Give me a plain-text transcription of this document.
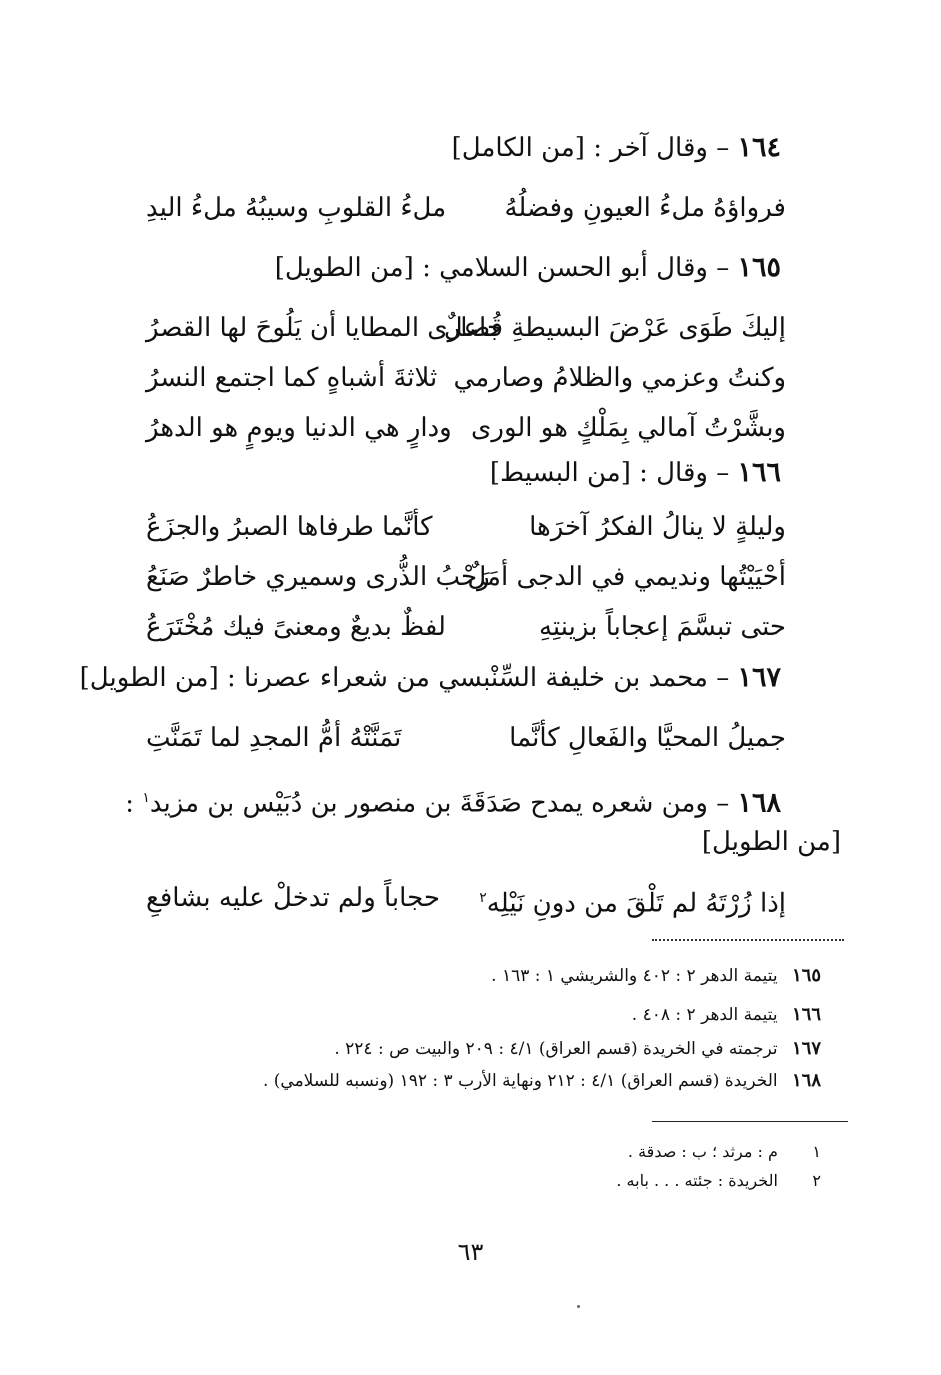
١٦٤ – وقال آخر : [من الكامل]
فرواؤهُ ملءُ العيونِ وفضلُهُ
ملءُ القلوبِ وسيبُهُ ملءُ اليدِ
١٦٥ – وقال أبو الحسن السلامي : [من الطويل]
إليكَ طَوَى عَرْضَ البسيطةِ جاعلٌ
قُصارى المطايا أن يَلُوحَ لها القصرُ
وكنتُ وعزمي والظلامُ وصارمي
ثلاثةَ أشباهٍ كما اجتمع النسرُ
وبشَّرْتُ آمالي بِمَلْكٍ هو الورى
ودارٍ هي الدنيا ويومٍ هو الدهرُ
١٦٦ – وقال : [من البسيط]
وليلةٍ لا ينالُ الفكرُ آخرَها
كأنَّما طرفاها الصبرُ والجزَعُ
أحْيَيْتُها ونديمي في الدجى أمَلٌ
رَحْبُ الذُّرى وسميري خاطرٌ صَنَعُ
حتى تبسَّمَ إعجاباً بزينتِهِ
لفظٌ بديعٌ ومعنىً فيك مُخْتَرَعُ
١٦٧ – محمد بن خليفة السِّنْبسي من شعراء عصرنا : [من الطويل]
جميلُ المحيَّا والفَعالِ كأنَّما
تَمَنَّتْهُ أمُّ المجدِ لما تَمَنَّتِ
١٦٨ – ومن شعره يمدح صَدَقَةَ بن منصور بن دُبَيْس بن مزيد$^١$ :
[من الطويل]
إذا زُرْتَهُ لم تَلْقَ من دونِ نَيْلِه$^٢$
حجاباً ولم تدخلْ عليه بشافعِ
١٦٥ يتيمة الدهر ٢ : ٤٠٢ والشريشي ١ : ١٦٣ .
١٦٦ يتيمة الدهر ٢ : ٤٠٨ .
١٦٧ ترجمته في الخريدة (قسم العراق) ٤/١ : ٢٠٩ والبيت ص : ٢٢٤ .
١٦٨ الخريدة (قسم العراق) ٤/١ : ٢١٢ ونهاية الأرب ٣ : ١٩٢ (ونسبه للسلامي) .
١ م : مرثد ؛ ب : صدقة .
٢ الخريدة : جئته . . . بابه .
٦٣
